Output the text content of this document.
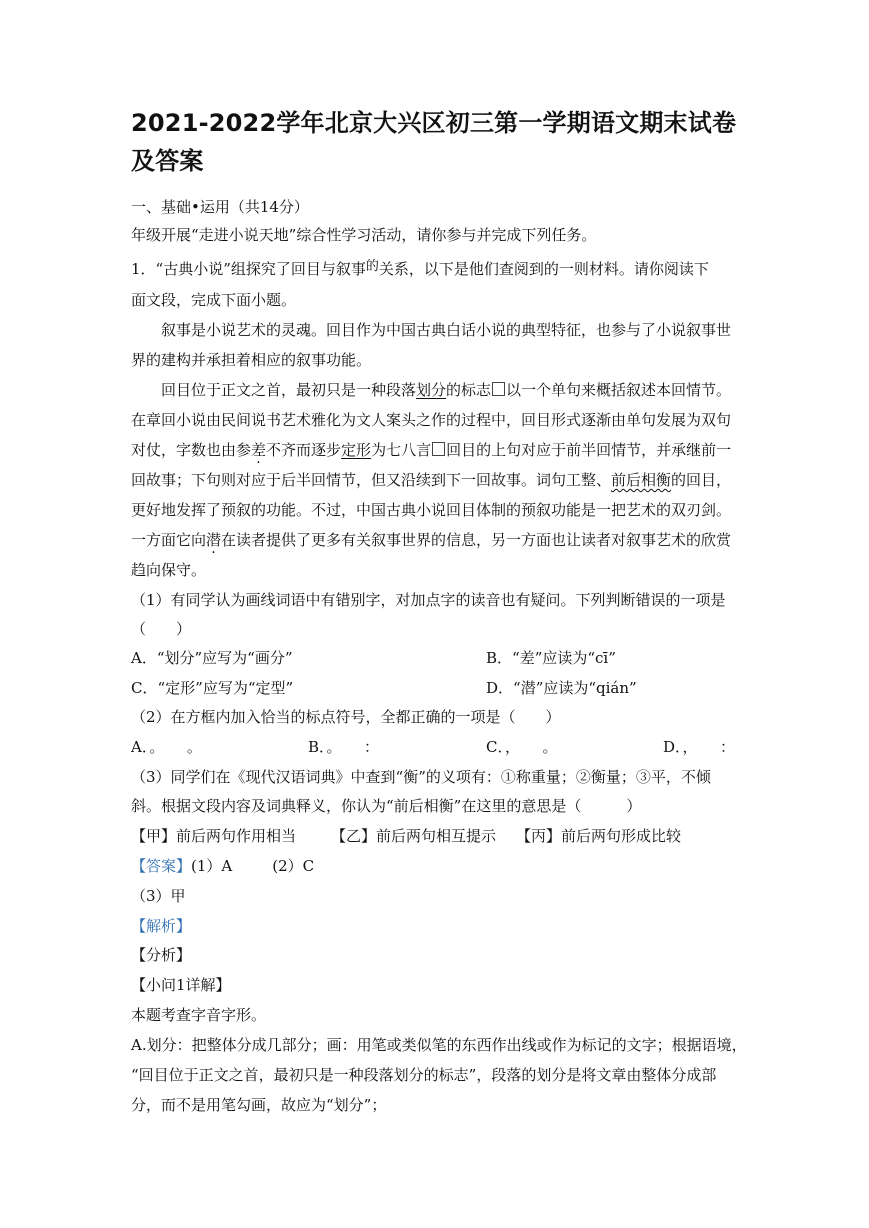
2021-2022学年北京大兴区初三第一学期语文期末试卷及答案
一、基础•运用（共14分）
年级开展“走进小说天地”综合性学习活动，请你参与并完成下列任务。
1．“古典小说”组探究了回目与叙事的关系，以下是他们查阅到的一则材料。请你阅读下
面文段，完成下面小题。
叙事是小说艺术的灵魂。回目作为中国古典白话小说的典型特征，也参与了小说叙事世
界的建构并承担着相应的叙事功能。
回目位于正文之首，最初只是一种段落划分的标志 以一个单句来概括叙述本回情节。
在章回小说由民间说书艺术雅化为文人案头之作的过程中，回目形式逐渐由单句发展为双句
对仗，字数也由参差不齐而逐步定形为七八言 回目的上句对应于前半回情节，并承继前一
回故事；下句则对应于后半回情节，但又沿续到下一回故事。词句工整、前后相衡的回目，
更好地发挥了预叙的功能。不过，中国古典小说回目体制的预叙功能是一把艺术的双刃剑。
一方面它向潜在读者提供了更多有关叙事世界的信息，另一方面也让读者对叙事艺术的欣赏
趋向保守。
（1）有同学认为画线词语中有错别字，对加点字的读音也有疑问。下列判断错误的一项是
（　　）
A．“划分”应写为“画分”	B．“差”应读为“cī”
C．“定形”应写为“定型”	D．“潜”应读为“qián”
（2）在方框内加入恰当的标点符号，全都正确的一项是（　　）
A．。　　。	B．。　　：	C．，　　。	D．，　　：
（3）同学们在《现代汉语词典》中查到“衡”的义项有：①称重量；②衡量；③平，不倾
斜。根据文段内容及词典释义，你认为“前后相衡”在这里的意思是（　　　）
【甲】前后两句作用相当 【乙】前后两句相互提示 【丙】前后两句形成比较
【答案】(1）A	(2）C
（3）甲
【解析】
【分析】
【小问1详解】
本题考查字音字形。
A.划分：把整体分成几部分；画：用笔或类似笔的东西作出线或作为标记的文字；根据语境，
“回目位于正文之首，最初只是一种段落划分的标志”，段落的划分是将文章由整体分成部
分，而不是用笔勾画，故应为“划分”；
